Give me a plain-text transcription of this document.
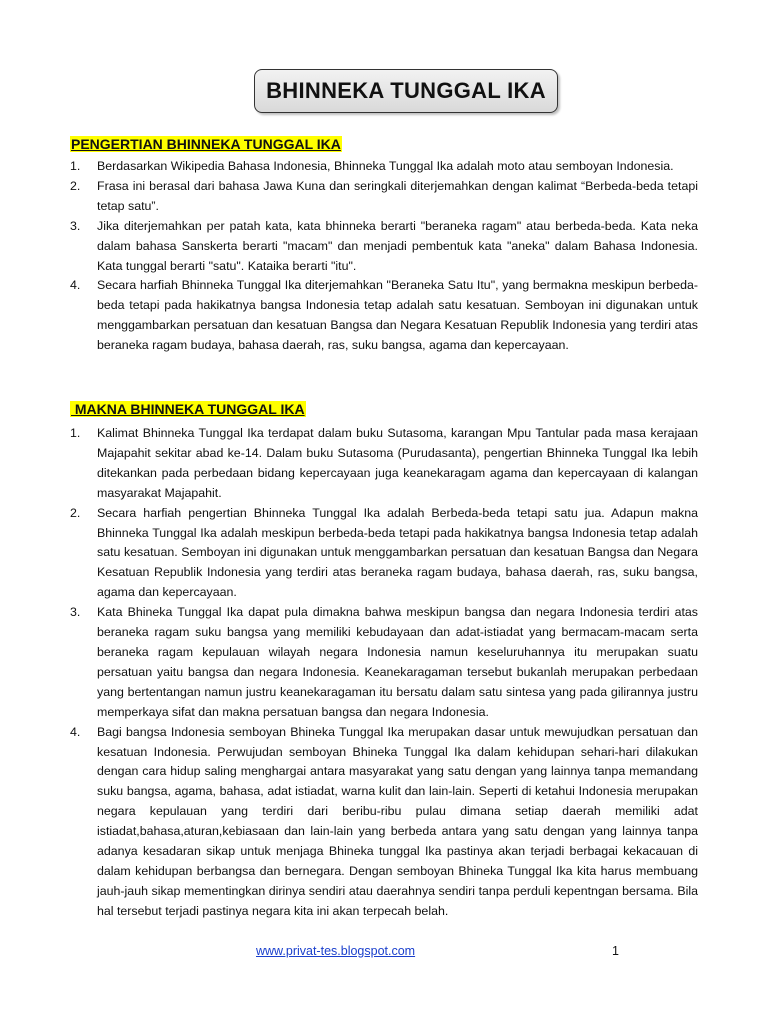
BHINNEKA TUNGGAL IKA
PENGERTIAN BHINNEKA TUNGGAL IKA
1. Berdasarkan Wikipedia Bahasa Indonesia, Bhinneka Tunggal Ika adalah moto atau semboyan Indonesia.
2. Frasa ini berasal dari bahasa Jawa Kuna dan seringkali diterjemahkan dengan kalimat “Berbeda-beda tetapi tetap satu”.
3. Jika diterjemahkan per patah kata, kata bhinneka berarti "beraneka ragam" atau berbeda-beda. Kata neka dalam bahasa Sanskerta berarti "macam" dan menjadi pembentuk kata "aneka" dalam Bahasa Indonesia. Kata tunggal berarti "satu". Kataika berarti "itu".
4. Secara harfiah Bhinneka Tunggal Ika diterjemahkan "Beraneka Satu Itu", yang bermakna meskipun berbeda-beda tetapi pada hakikatnya bangsa Indonesia tetap adalah satu kesatuan. Semboyan ini digunakan untuk menggambarkan persatuan dan kesatuan Bangsa dan Negara Kesatuan Republik Indonesia yang terdiri atas beraneka ragam budaya, bahasa daerah, ras, suku bangsa, agama dan kepercayaan.
MAKNA BHINNEKA TUNGGAL IKA
1. Kalimat Bhinneka Tunggal Ika terdapat dalam buku Sutasoma, karangan Mpu Tantular pada masa kerajaan Majapahit sekitar abad ke-14. Dalam buku Sutasoma (Purudasanta), pengertian Bhinneka Tunggal Ika lebih ditekankan pada perbedaan bidang kepercayaan juga keanekaragam agama dan kepercayaan di kalangan masyarakat Majapahit.
2. Secara harfiah pengertian Bhinneka Tunggal Ika adalah Berbeda-beda tetapi satu jua. Adapun makna Bhinneka Tunggal Ika adalah meskipun berbeda-beda tetapi pada hakikatnya bangsa Indonesia tetap adalah satu kesatuan. Semboyan ini digunakan untuk menggambarkan persatuan dan kesatuan Bangsa dan Negara Kesatuan Republik Indonesia yang terdiri atas beraneka ragam budaya, bahasa daerah, ras, suku bangsa, agama dan kepercayaan.
3. Kata Bhineka Tunggal Ika dapat pula dimakna bahwa meskipun bangsa dan negara Indonesia terdiri atas beraneka ragam suku bangsa yang memiliki kebudayaan dan adat-istiadat yang bermacam-macam serta beraneka ragam kepulauan wilayah negara Indonesia namun keseluruhannya itu merupakan suatu persatuan yaitu bangsa dan negara Indonesia. Keanekaragaman tersebut bukanlah merupakan perbedaan yang bertentangan namun justru keanekaragaman itu bersatu dalam satu sintesa yang pada gilirannya justru memperkaya sifat dan makna persatuan bangsa dan negara Indonesia.
4. Bagi bangsa Indonesia semboyan Bhineka Tunggal Ika merupakan dasar untuk mewujudkan persatuan dan kesatuan Indonesia. Perwujudan semboyan Bhineka Tunggal Ika dalam kehidupan sehari-hari dilakukan dengan cara hidup saling menghargai antara masyarakat yang satu dengan yang lainnya tanpa memandang suku bangsa, agama, bahasa, adat istiadat, warna kulit dan lain-lain. Seperti di ketahui Indonesia merupakan negara kepulauan yang terdiri dari beribu-ribu pulau dimana setiap daerah memiliki adat istiadat,bahasa,aturan,kebiasaan dan lain-lain yang berbeda antara yang satu dengan yang lainnya tanpa adanya kesadaran sikap untuk menjaga Bhineka tunggal Ika pastinya akan terjadi berbagai kekacauan di dalam kehidupan berbangsa dan bernegara. Dengan semboyan Bhineka Tunggal Ika kita harus membuang jauh-jauh sikap mementingkan dirinya sendiri atau daerahnya sendiri tanpa perduli kepentngan bersama. Bila hal tersebut terjadi pastinya negara kita ini akan terpecah belah.
www.privat-tes.blogspot.com	1
